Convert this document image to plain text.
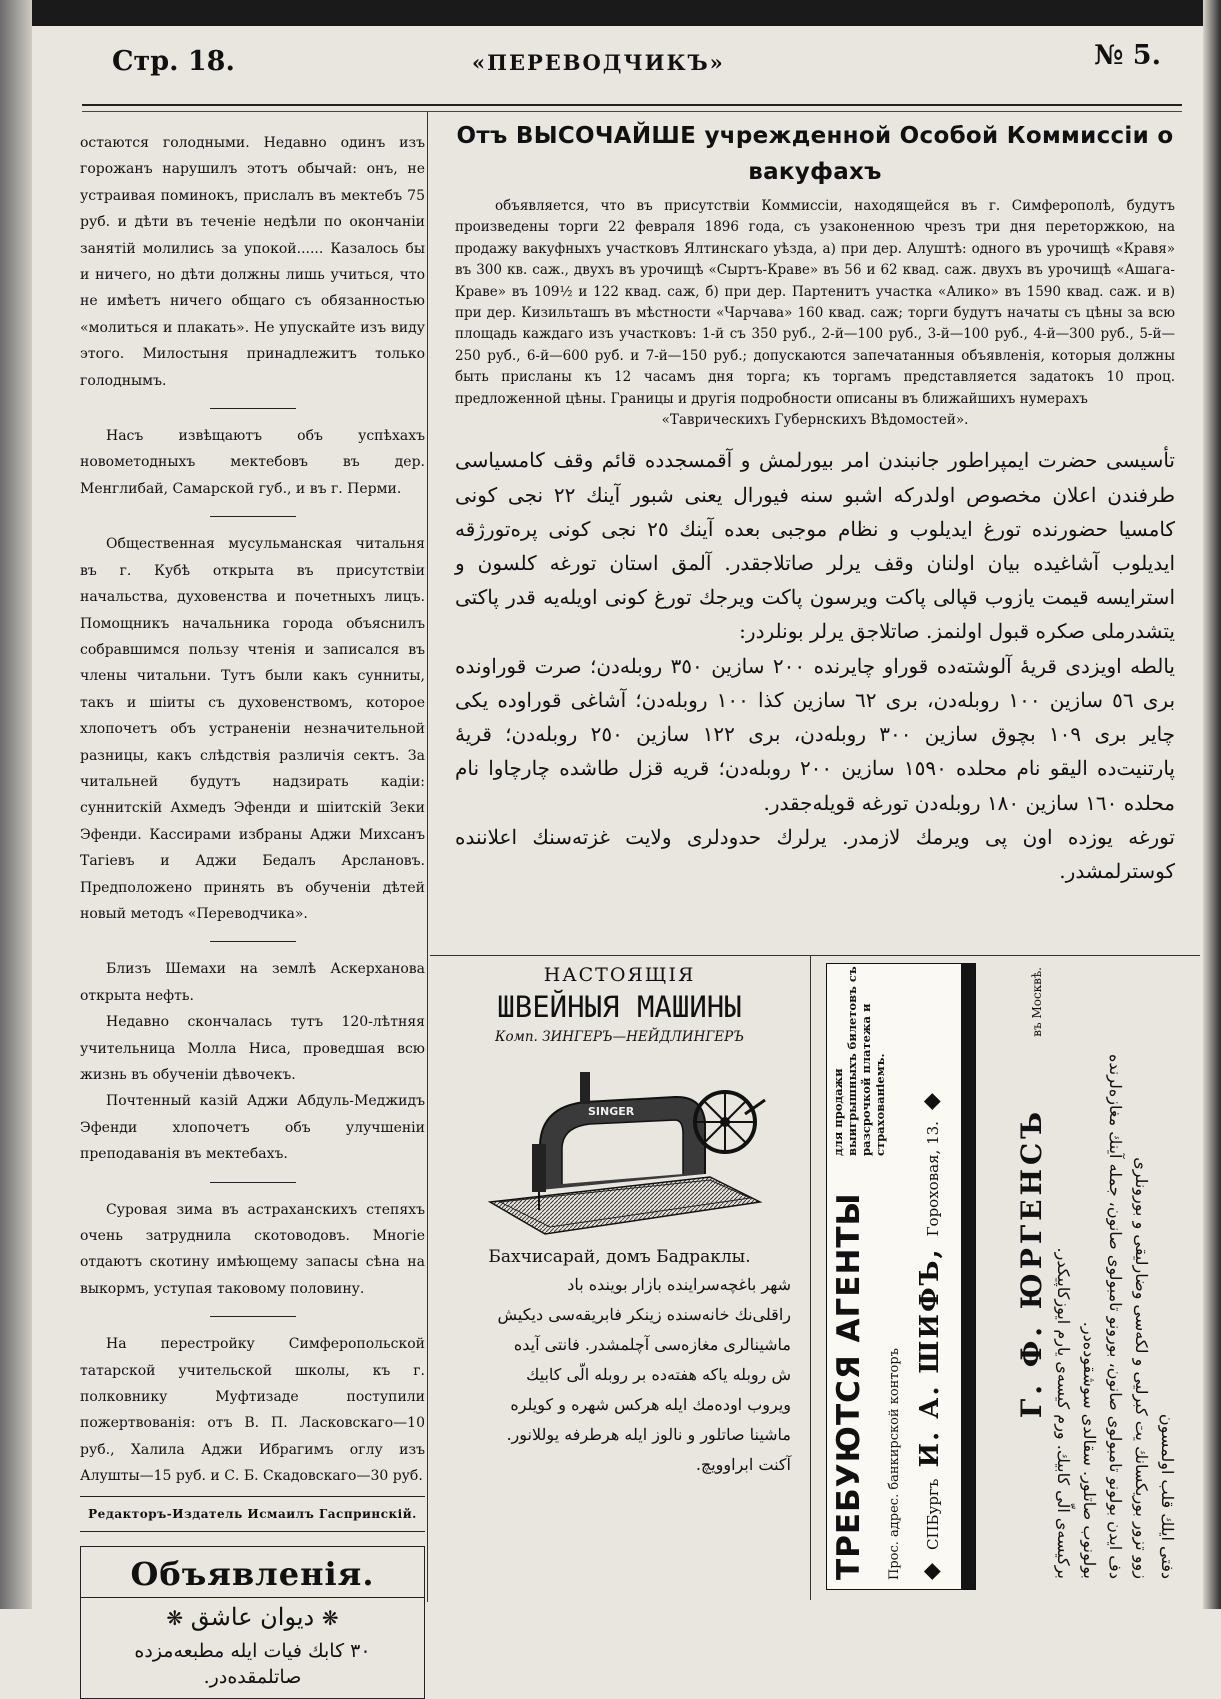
Стр. 18.	«ПЕРЕВОДЧИКЪ»	№ 5.

остаются голодными. Недавно одинъ изъ горожанъ нарушилъ этотъ обычай: онъ, не устраивая поминокъ, прислалъ въ мектебъ 75 руб. и дѣти въ теченіе недѣли по окончаніи занятій молились за упокой...... Казалось бы и ничего, но дѣти должны лишь учиться, что не имѣетъ ничего общаго съ обязанностью «молиться и плакать». Не упускайте изъ виду этого. Милостыня принадлежитъ только голоднымъ.

Насъ извѣщаютъ объ успѣхахъ новометодныхъ мектебовъ въ дер. Менглибай, Самарской губ., и въ г. Перми.

Общественная мусульманская читальня въ г. Кубѣ открыта въ присутствіи начальства, духовенства и почетныхъ лицъ. Помощникъ начальника города объяснилъ собравшимся пользу чтенія и записался въ члены читальни. Тутъ были какъ сунниты, такъ и шіиты съ духовенствомъ, которое хлопочетъ объ устраненіи незначительной разницы, какъ слѣдствія различія сектъ. За читальней будутъ надзирать кадіи: суннитскій Ахмедъ Эфенди и шіитскій Зеки Эфенди. Кассирами избраны Аджи Михсанъ Тагіевъ и Аджи Бедалъ Арслановъ. Предположено принять въ обученіи дѣтей новый методъ «Переводчика».

Близъ Шемахи на землѣ Аскерханова открыта нефть.

Недавно скончалась тутъ 120-лѣтняя учительница Молла Ниса, проведшая всю жизнь въ обученіи дѣвочекъ.

Почтенный казій Аджи Абдуль-Меджидъ Эфенди хлопочетъ объ улучшеніи преподаванія въ мектебахъ.

Суровая зима въ астраханскихъ степяхъ очень затруднила скотоводовъ. Многіе отдаютъ скотину имѣющему запасы сѣна на выкормъ, уступая таковому половину.

На перестройку Симферопольской татарской учительской школы, къ г. полковнику Муфтизаде поступили пожертвованія: отъ В. П. Ласковскаго—10 руб., Халила Аджи Ибрагимъ оглу изъ Алушты—15 руб. и С. Б. Скадовскаго—30 руб.

Редакторъ-Издатель Исмаилъ Гаспринскій.
Объявленія.
❋ ديوان عاشق ❋
٣٠ كابك فيات ايله مطبعه‌مزده
صاتلمقده‌در.
Отъ ВЫСОЧАЙШЕ учрежденной Особой Коммиссіи о вакуфахъ

объявляется, что въ присутствіи Коммиссіи, находящейся въ г. Симферополѣ, будутъ произведены торги 22 февраля 1896 года, съ узаконенною чрезъ три дня переторжкою, на продажу вакуфныхъ участковъ Ялтинскаго уѣзда, а) при дер. Алуштѣ: одного въ урочищѣ «Кравя» въ 300 кв. саж., двухъ въ урочищѣ «Сыртъ-Краве» въ 56 и 62 квад. саж. двухъ въ урочищѣ «Ашага-Краве» въ 109½ и 122 квад. саж, б) при дер. Партенитъ участка «Алико» въ 1590 квад. саж. и в) при дер. Кизильташъ въ мѣстности «Чарчава» 160 квад. саж; торги будутъ начаты съ цѣны за всю площадь каждаго изъ участковъ: 1-й съ 350 руб., 2-й—100 руб., 3-й—100 руб., 4-й—300 руб., 5-й—250 руб., 6-й—600 руб. и 7-й—150 руб.; допускаются запечатанныя объявленія, которыя должны быть присланы къ 12 часамъ дня торга; къ торгамъ представляется задатокъ 10 проц. предложенной цѣны. Границы и другія подробности описаны въ ближайшихъ нумерахъ

«Таврическихъ Губернскихъ Вѣдомостей».

تأسیسی حضرت ایمپراطور جانبندن امر بیورلمش و آقمسجدده قائم وقف کامسیاسی طرفندن اعلان مخصوص اولدرکه اشبو سنه فیورال یعنی شبور آینك ٢٢ نجی کونی کامسیا حضورنده تورغ ایدیلوب و نظام موجبی بعده آینك ٢٥ نجی کونی پره‌تورژقه ایدیلوب آشاغیده بیان اولنان وقف یرلر صاتلاجقدر. آلمق استان تورغه کلسون و استرایسه قیمت یازوب قپالی پاکت ویرسون پاکت ویرجك تورغ کونی اویله‌یه قدر پاکتی یتشدرملی صکره قبول اولنمز. صاتلاجق یرلر بونلردر:

یالطه اویزدی قریهٔ آلوشته‌ده قوراو چایرنده ٢٠٠ سازین ٣٥٠ روبله‌دن؛ صرت قوراونده بری ٥٦ سازین ١٠٠ روبله‌دن، بری ٦٢ سازین کذا ١٠٠ روبله‌دن؛ آشاغی قوراوده یکی چایر بری ١٠٩ بچوق سازین ٣٠٠ روبله‌دن، بری ١٢٢ سازین ٢٥٠ روبله‌دن؛ قریهٔ پارتنیت‌ده الیقو نام محلده ١٥٩٠ سازین ٢٠٠ روبله‌دن؛ قریه قزل طاشده چارچاوا نام محلده ١٦٠ سازین ١٨٠ روبله‌دن تورغه قویله‌جقدر.

تورغه یوزده اون پی ویرمك لازمدر. یرلرك حدودلری ولایت غزته‌سنك اعلاننده کوسترلمشدر.

НАСТОЯЩІЯ
ШВЕЙНЫЯ МАШИНЫ
Комп. ЗИНГЕРЪ—НЕЙДЛИНГЕРЪ
SINGER
Бахчисарай, домъ Бадраклы.

شهر باغچه‌سراینده بازار بوینده باد

راقلی‌نك خانه‌سنده زینکر فابریقه‌سی دیکیش

ماشینالری مغازه‌سی آچلمشدر. فانتی آیده

ش روبله یاکه هفته‌ده بر روبله الّی کابیك

ویروب اوده‌مك ایله هرکس شهره و کویلره

ماشینا صاتلور و نالوز ایله هرطرفه یوللانور.

آکنت ابراوویچ. ТРЕБУЮТСЯ АГЕНТЫ
для продажи выигрышныхъ билетовъ съ разсрочкой платежа и страхованіемъ.
Прос. адрес. банкирской конторъ ◆ СПБургъ И. А. ШИФЪ, Гороховая, 13. ◆

دفتی ایلك قلب اولمسون

زوو تزور بوریکسانك یت کبرلیی و لکه‌سی وضارلیقی و بورونلری

دف ایدن بولونو تامبولوی صانون، بورونو تامبولوی صانون، جمله آینك مغازه‌لرنده

بولونوب صاتلور. سقالدی سوشقوده‌در.

برکیسه‌ی الّی کابیك. ورم کیسه‌ی یارم ایوزکاپیکدر.

Г. Ф. ЮРГЕНСЪ
въ Москвѣ.
